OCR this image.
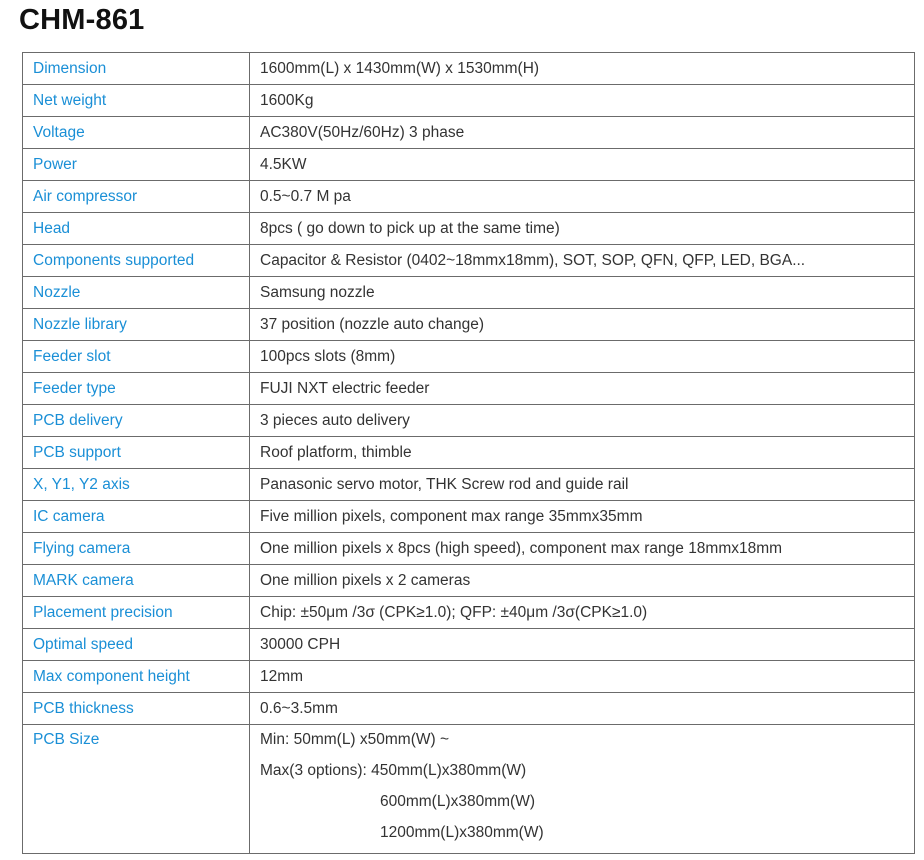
CHM-861
Dimension	1600mm(L) x 1430mm(W) x 1530mm(H)
Net weight	1600Kg
Voltage	AC380V(50Hz/60Hz) 3 phase
Power	4.5KW
Air compressor	0.5~0.7 M pa
Head	8pcs ( go down to pick up at the same time)
Components supported	Capacitor & Resistor (0402~18mmx18mm), SOT, SOP, QFN, QFP, LED, BGA...
Nozzle	Samsung nozzle
Nozzle library	37 position (nozzle auto change)
Feeder slot	100pcs slots (8mm)
Feeder type	FUJI NXT electric feeder
PCB delivery	3 pieces auto delivery
PCB support	Roof platform, thimble
X, Y1, Y2 axis	Panasonic servo motor, THK Screw rod and guide rail
IC camera	Five million pixels, component max range 35mmx35mm
Flying camera	One million pixels x 8pcs (high speed), component max range 18mmx18mm
MARK camera	One million pixels x 2 cameras
Placement precision	Chip: ±50μm /3σ (CPK≥1.0); QFP: ±40μm /3σ(CPK≥1.0)
Optimal speed	30000 CPH
Max component height	12mm
PCB thickness	0.6~3.5mm
PCB Size	Min: 50mm(L) x50mm(W) ~
Max(3 options): 450mm(L)x380mm(W)
600mm(L)x380mm(W)
1200mm(L)x380mm(W)
